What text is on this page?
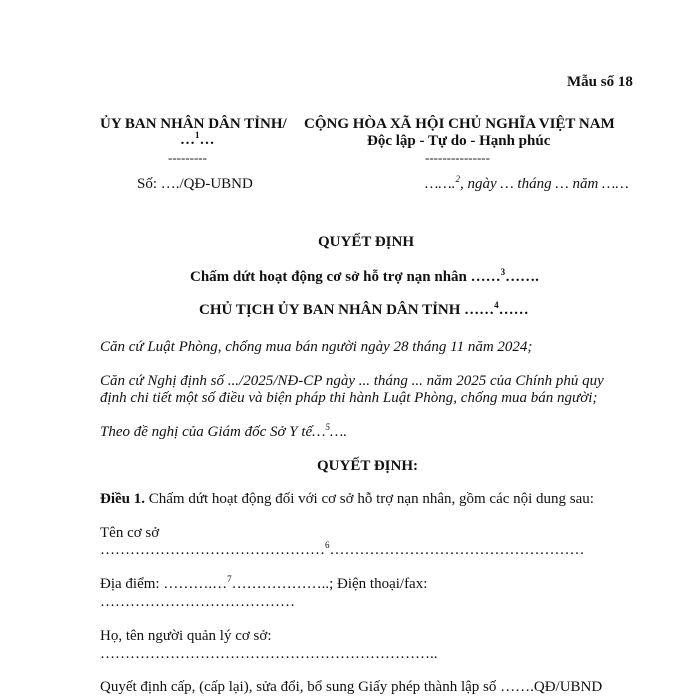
Mẫu số 18
ỦY BAN NHÂN DÂN TỈNH/
…$^1$…
---------
CỘNG HÒA XÃ HỘI CHỦ NGHĨA VIỆT NAM
Độc lập - Tự do - Hạnh phúc
---------------
Số: …./QĐ-UBND	…….$^2$, ngày … tháng … năm ……
QUYẾT ĐỊNH
Chấm dứt hoạt động cơ sở hỗ trợ nạn nhân ……$^3$…….
CHỦ TỊCH ỦY BAN NHÂN DÂN TỈNH ……$^4$……
Căn cứ Luật Phòng, chống mua bán người ngày 28 tháng 11 năm 2024;
Căn cứ Nghị định số .../2025/NĐ-CP ngày ... tháng ... năm 2025 của Chính phủ quy
định chi tiết một số điều và biện pháp thi hành Luật Phòng, chống mua bán người;
Theo đề nghị của Giám đốc Sở Y tế…$^5$….
QUYẾT ĐỊNH:
Điều 1. Chấm dứt hoạt động đối với cơ sở hỗ trợ nạn nhân, gồm các nội dung sau:
Tên cơ sở
………………………………………$^6$……………………………………………
Địa điểm: ……….…$^7$………………..; Điện thoại/fax:
…………………………………
Họ, tên người quản lý cơ sở:
…………………………………………………………..
Quyết định cấp, (cấp lại), sửa đổi, bổ sung Giấy phép thành lập số …….QĐ/UBND
